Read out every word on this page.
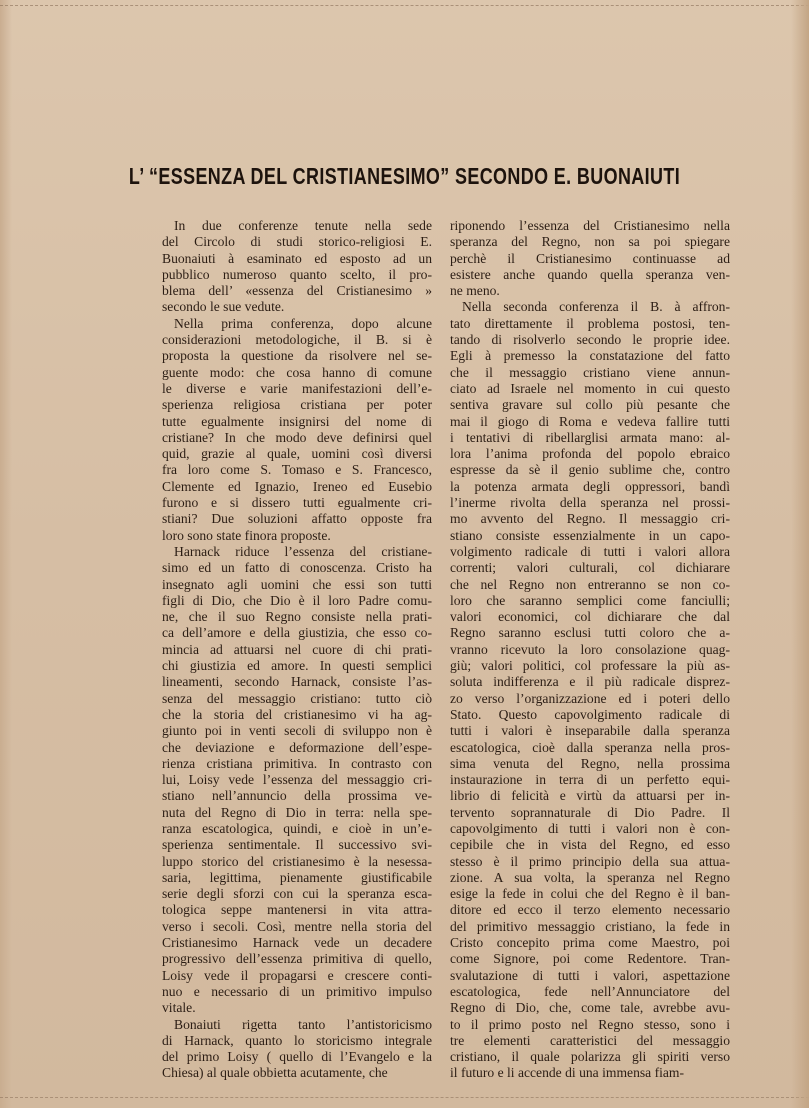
L’ “ESSENZA DEL CRISTIANESIMO” SECONDO E. BUONAIUTI
In due conferenze tenute nella sede
del Circolo di studi storico-religiosi E.
Buonaiuti à esaminato ed esposto ad un
pubblico numeroso quanto scelto, il pro-
blema dell’ «essenza del Cristianesimo »
secondo le sue vedute.
Nella prima conferenza, dopo alcune
considerazioni metodologiche, il B. si è
proposta la questione da risolvere nel se-
guente modo: che cosa hanno di comune
le diverse e varie manifestazioni dell’e-
sperienza religiosa cristiana per poter
tutte egualmente insignirsi del nome di
cristiane? In che modo deve definirsi quel
quid, grazie al quale, uomini così diversi
fra loro come S. Tomaso e S. Francesco,
Clemente ed Ignazio, Ireneo ed Eusebio
furono e si dissero tutti egualmente cri-
stiani? Due soluzioni affatto opposte fra
loro sono state finora proposte.
Harnack riduce l’essenza del cristiane-
simo ed un fatto di conoscenza. Cristo ha
insegnato agli uomini che essi son tutti
figli di Dio, che Dio è il loro Padre comu-
ne, che il suo Regno consiste nella prati-
ca dell’amore e della giustizia, che esso co-
mincia ad attuarsi nel cuore di chi prati-
chi giustizia ed amore. In questi semplici
lineamenti, secondo Harnack, consiste l’as-
senza del messaggio cristiano: tutto ciò
che la storia del cristianesimo vi ha ag-
giunto poi in venti secoli di sviluppo non è
che deviazione e deformazione dell’espe-
rienza cristiana primitiva. In contrasto con
lui, Loisy vede l’essenza del messaggio cri-
stiano nell’annuncio della prossima ve-
nuta del Regno di Dio in terra: nella spe-
ranza escatologica, quindi, e cioè in un’e-
sperienza sentimentale. Il successivo svi-
luppo storico del cristianesimo è la nesessa-
saria, legittima, pienamente giustificabile
serie degli sforzi con cui la speranza esca-
tologica seppe mantenersi in vita attra-
verso i secoli. Così, mentre nella storia del
Cristianesimo Harnack vede un decadere
progressivo dell’essenza primitiva di quello,
Loisy vede il propagarsi e crescere conti-
nuo e necessario di un primitivo impulso
vitale.
Bonaiuti rigetta tanto l’antistoricismo
di Harnack, quanto lo storicismo integrale
del primo Loisy ( quello di l’Evangelo e la
Chiesa) al quale obbietta acutamente, che
riponendo l’essenza del Cristianesimo nella
speranza del Regno, non sa poi spiegare
perchè il Cristianesimo continuasse ad
esistere anche quando quella speranza ven-
ne meno.
Nella seconda conferenza il B. à affron-
tato direttamente il problema postosi, ten-
tando di risolverlo secondo le proprie idee.
Egli à premesso la constatazione del fatto
che il messaggio cristiano viene annun-
ciato ad Israele nel momento in cui questo
sentiva gravare sul collo più pesante che
mai il giogo di Roma e vedeva fallire tutti
i tentativi di ribellarglisi armata mano: al-
lora l’anima profonda del popolo ebraico
espresse da sè il genio sublime che, contro
la potenza armata degli oppressori, bandì
l’inerme rivolta della speranza nel prossi-
mo avvento del Regno. Il messaggio cri-
stiano consiste essenzialmente in un capo-
volgimento radicale di tutti i valori allora
correnti; valori culturali, col dichiarare
che nel Regno non entreranno se non co-
loro che saranno semplici come fanciulli;
valori economici, col dichiarare che dal
Regno saranno esclusi tutti coloro che a-
vranno ricevuto la loro consolazione quag-
giù; valori politici, col professare la più as-
soluta indifferenza e il più radicale disprez-
zo verso l’organizzazione ed i poteri dello
Stato. Questo capovolgimento radicale di
tutti i valori è inseparabile dalla speranza
escatologica, cioè dalla speranza nella pros-
sima venuta del Regno, nella prossima
instaurazione in terra di un perfetto equi-
librio di felicità e virtù da attuarsi per in-
tervento soprannaturale di Dio Padre. Il
capovolgimento di tutti i valori non è con-
cepibile che in vista del Regno, ed esso
stesso è il primo principio della sua attua-
zione. A sua volta, la speranza nel Regno
esige la fede in colui che del Regno è il ban-
ditore ed ecco il terzo elemento necessario
del primitivo messaggio cristiano, la fede in
Cristo concepito prima come Maestro, poi
come Signore, poi come Redentore. Tran-
svalutazione di tutti i valori, aspettazione
escatologica, fede nell’Annunciatore del
Regno di Dio, che, come tale, avrebbe avu-
to il primo posto nel Regno stesso, sono i
tre elementi caratteristici del messaggio
cristiano, il quale polarizza gli spiriti verso
il futuro e li accende di una immensa fiam-
